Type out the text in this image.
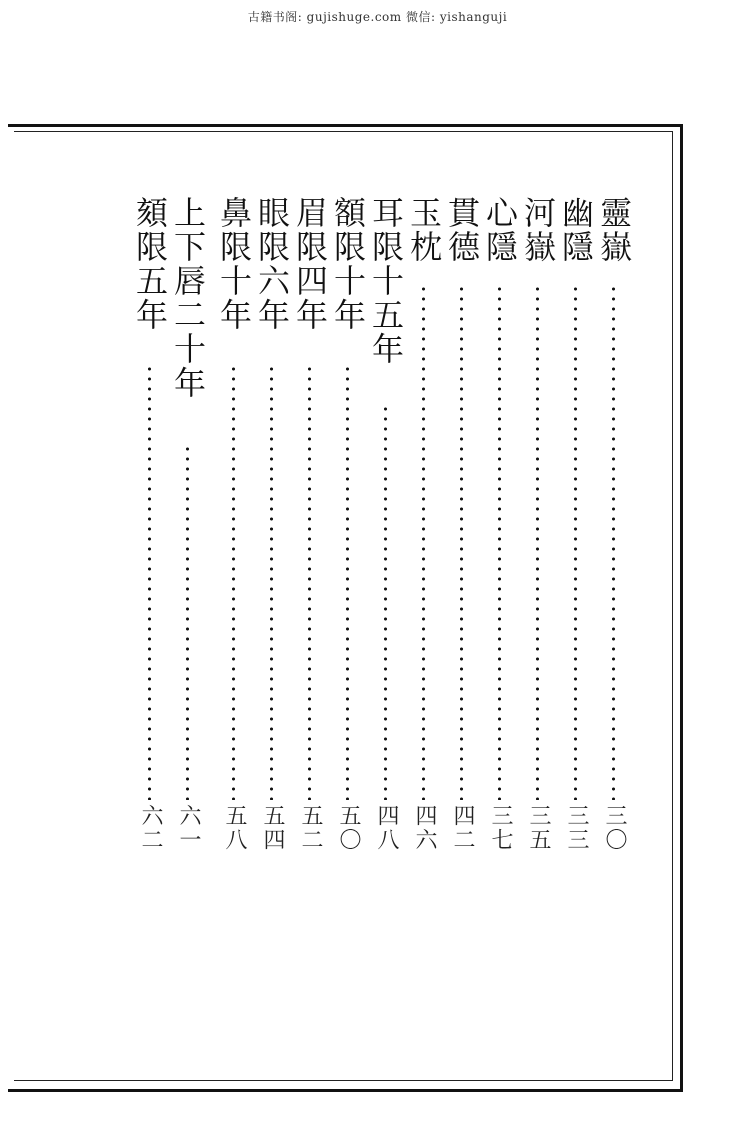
古籍书阁: gujishuge.com 微信: yishanguji
靈嶽
三〇
幽隱
三三
河嶽
三五
心隱
三七
貫德
四二
玉枕
四六
耳限十五年
四八
額限十年
五〇
眉限四年
五二
眼限六年
五四
鼻限十年
五八
上下唇二十年
六一
頦限五年
六二
